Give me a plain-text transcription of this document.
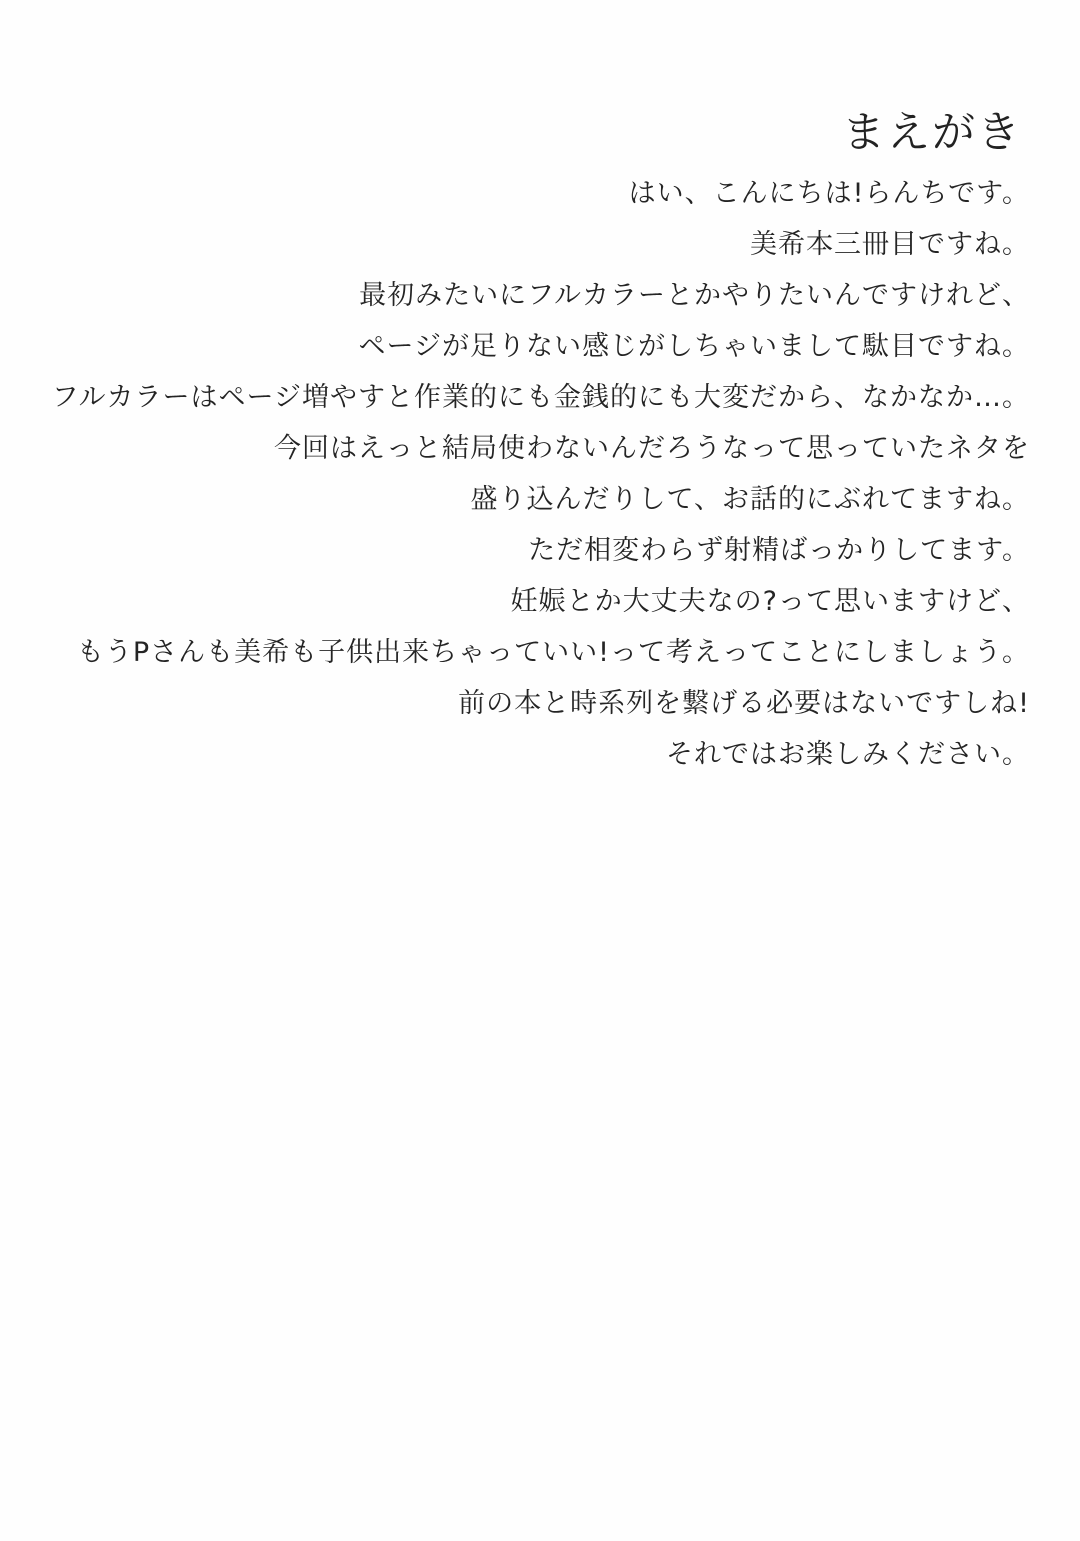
まえがき
はい、こんにちは!らんちです。
美希本三冊目ですね。
最初みたいにフルカラーとかやりたいんですけれど、
ページが足りない感じがしちゃいまして駄目ですね。
フルカラーはページ増やすと作業的にも金銭的にも大変だから、なかなか…。
今回はえっと結局使わないんだろうなって思っていたネタを
盛り込んだりして、お話的にぶれてますね。
ただ相変わらず射精ばっかりしてます。
妊娠とか大丈夫なの?って思いますけど、
もうPさんも美希も子供出来ちゃっていい!って考えってことにしましょう。
前の本と時系列を繋げる必要はないですしね!
それではお楽しみください。
